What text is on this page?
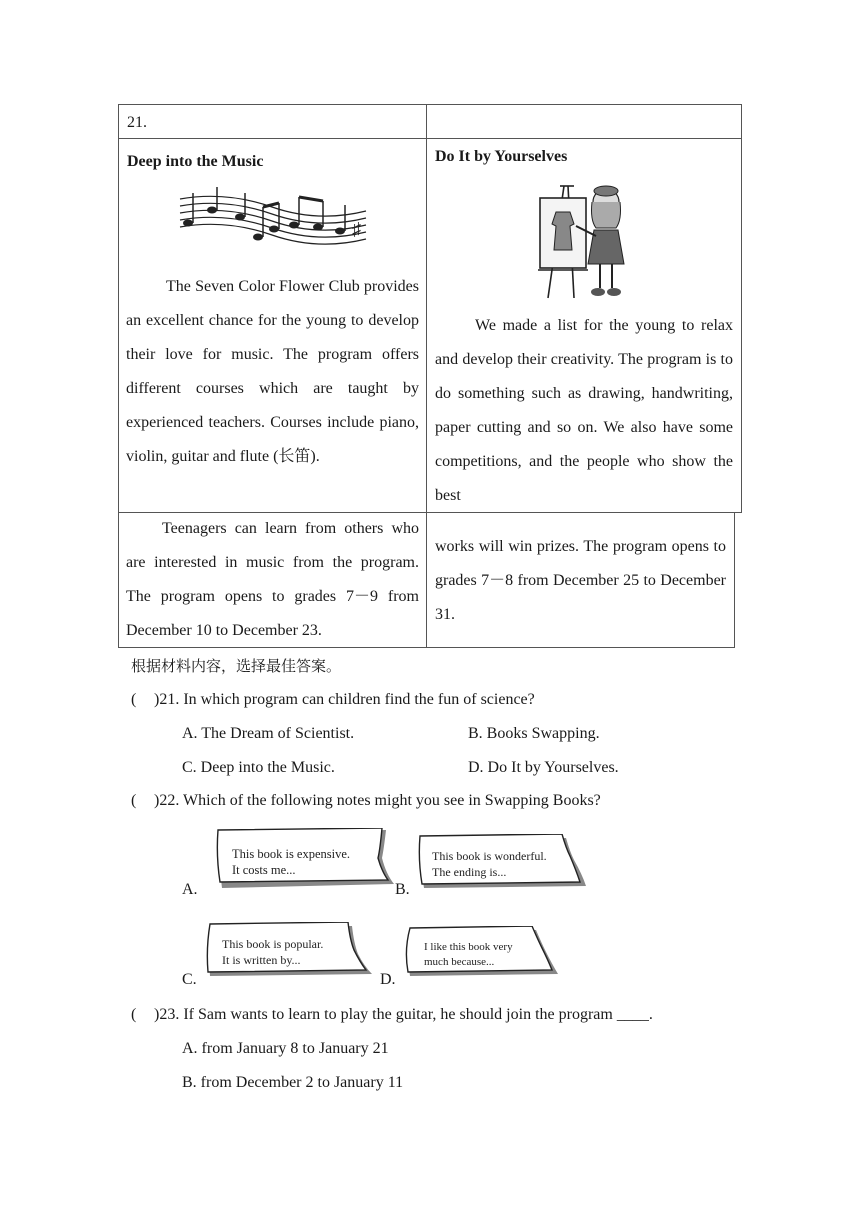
21.
Deep into the Music
♯
The Seven Color Flower Club provides an excellent chance for the young to develop their love for music. The program offers different courses which are taught by experienced teachers. Courses include piano, violin, guitar and flute (长笛).
Teenagers can learn from others who are interested in music from the program. The program opens to grades 7－9 from December 10 to December 23.
Do It by Yourselves
We made a list for the young to relax and develop their creativity. The program is to do something such as drawing, handwriting, paper cutting and so on. We also have some competitions, and the people who show the best
works will win prizes. The program opens to grades 7－8 from December 25 to December 31.
根据材料内容，选择最佳答案。
( )21. In which program can children find the fun of science?
A. The Dream of Scientist.	B. Books Swapping.
C. Deep into the Music.	D. Do It by Yourselves.
( )22. Which of the following notes might you see in Swapping Books?
A.
This book is expensive.
It costs me...
B.
This book is wonderful.
The ending is...
C.
This book is popular.
It is written by...
D.
I like this book very
much because...
( )23. If Sam wants to learn to play the guitar, he should join the program ____.
A. from January 8 to January 21
B. from December 2 to January 11
